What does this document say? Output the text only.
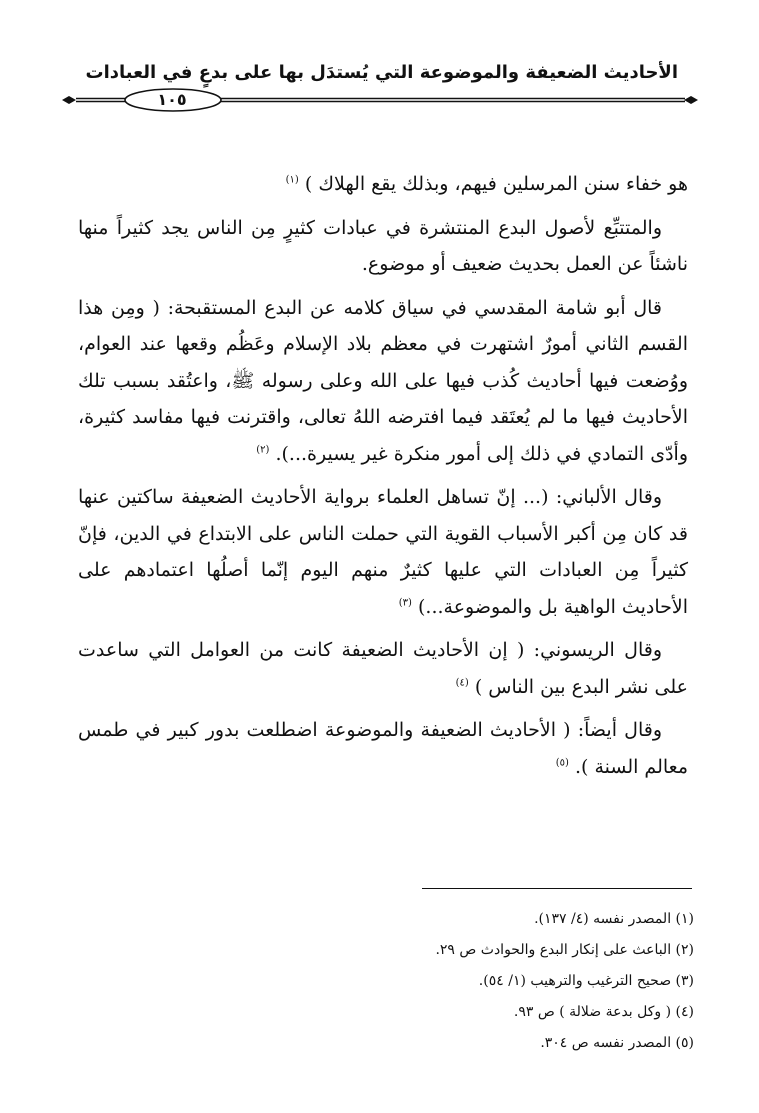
الأحاديث الضعيفة والموضوعة التي يُستدَل بها على بدعٍ في العبادات
١٠٥

هو خفاء سنن المرسلين فيهم، وبذلك يقع الهلاك ) $^{(١)}$

والمتتبِّع لأصول البدع المنتشرة في عبادات كثيرٍ مِن الناس يجد كثيراً منها ناشئاً عن العمل بحديث ضعيف أو موضوع.

قال أبو شامة المقدسي في سياق كلامه عن البدع المستقبحة: ( ومِن هذا القسم الثاني أمورٌ اشتهرت في معظم بلاد الإسلام وعَظُم وقعها عند العوام، ووُضعت فيها أحاديث كُذب فيها على الله وعلى رسوله ﷺ، واعتُقد بسبب تلك الأحاديث فيها ما لم يُعتَقد فيما افترضه اللهُ تعالى، واقترنت فيها مفاسد كثيرة، وأدّى التمادي في ذلك إلى أمور منكرة غير يسيرة...). $^{(٢)}$

وقال الألباني: (... إنّ تساهل العلماء برواية الأحاديث الضعيفة ساكتين عنها قد كان مِن أكبر الأسباب القوية التي حملت الناس على الابتداع في الدين، فإنّ كثيراً مِن العبادات التي عليها كثيرٌ منهم اليوم إنّما أصلُها اعتمادهم على الأحاديث الواهية بل والموضوعة...) $^{(٣)}$

وقال الريسوني: ( إن الأحاديث الضعيفة كانت من العوامل التي ساعدت على نشر البدع بين الناس ) $^{(٤)}$

وقال أيضاً: ( الأحاديث الضعيفة والموضوعة اضطلعت بدور كبير في طمس معالم السنة ). $^{(٥)}$

(١) المصدر نفسه (٤/ ١٣٧).
(٢) الباعث على إنكار البدع والحوادث ص ٢٩.
(٣) صحيح الترغيب والترهيب (١/ ٥٤).
(٤) ( وكل بدعة ضلالة ) ص ٩٣.
(٥) المصدر نفسه ص ٣٠٤.
